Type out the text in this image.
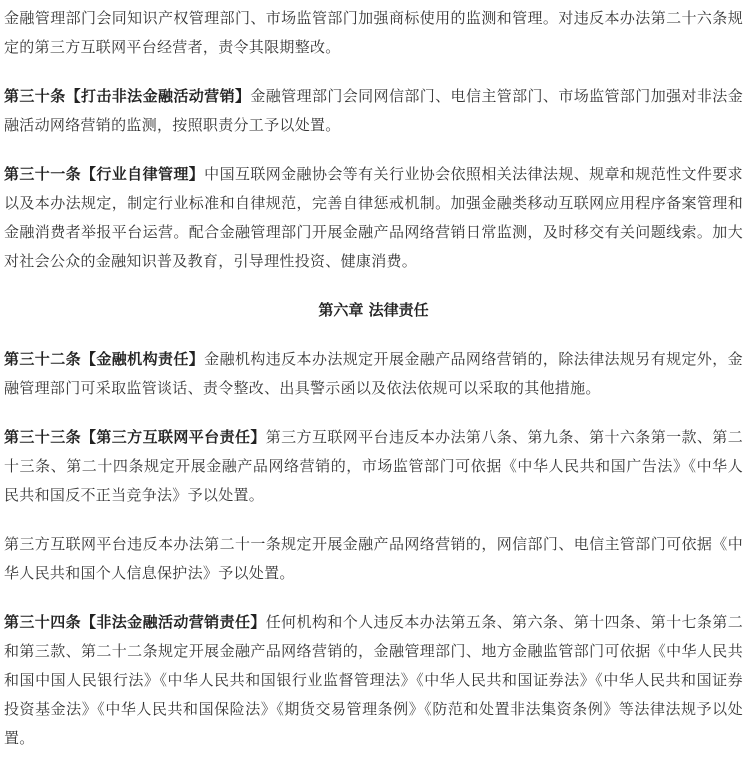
金融管理部门会同知识产权管理部门、市场监管部门加强商标使用的监测和管理。对违反本办法第二十六条规定的第三方互联网平台经营者，责令其限期整改。

第三十条【打击非法金融活动营销】金融管理部门会同网信部门、电信主管部门、市场监管部门加强对非法金融活动网络营销的监测，按照职责分工予以处置。

第三十一条【行业自律管理】中国互联网金融协会等有关行业协会依照相关法律法规、规章和规范性文件要求以及本办法规定，制定行业标准和自律规范，完善自律惩戒机制。加强金融类移动互联网应用程序备案管理和金融消费者举报平台运营。配合金融管理部门开展金融产品网络营销日常监测，及时移交有关问题线索。加大对社会公众的金融知识普及教育，引导理性投资、健康消费。

第六章 法律责任

第三十二条【金融机构责任】金融机构违反本办法规定开展金融产品网络营销的，除法律法规另有规定外，金融管理部门可采取监管谈话、责令整改、出具警示函以及依法依规可以采取的其他措施。

第三十三条【第三方互联网平台责任】第三方互联网平台违反本办法第八条、第九条、第十六条第一款、第二十三条、第二十四条规定开展金融产品网络营销的，市场监管部门可依据《中华人民共和国广告法》《中华人民共和国反不正当竞争法》予以处置。

第三方互联网平台违反本办法第二十一条规定开展金融产品网络营销的，网信部门、电信主管部门可依据《中华人民共和国个人信息保护法》予以处置。

第三十四条【非法金融活动营销责任】任何机构和个人违反本办法第五条、第六条、第十四条、第十七条第二和第三款、第二十二条规定开展金融产品网络营销的，金融管理部门、地方金融监管部门可依据《中华人民共和国中国人民银行法》《中华人民共和国银行业监督管理法》《中华人民共和国证券法》《中华人民共和国证券投资基金法》《中华人民共和国保险法》《期货交易管理条例》《防范和处置非法集资条例》等法律法规予以处置。
